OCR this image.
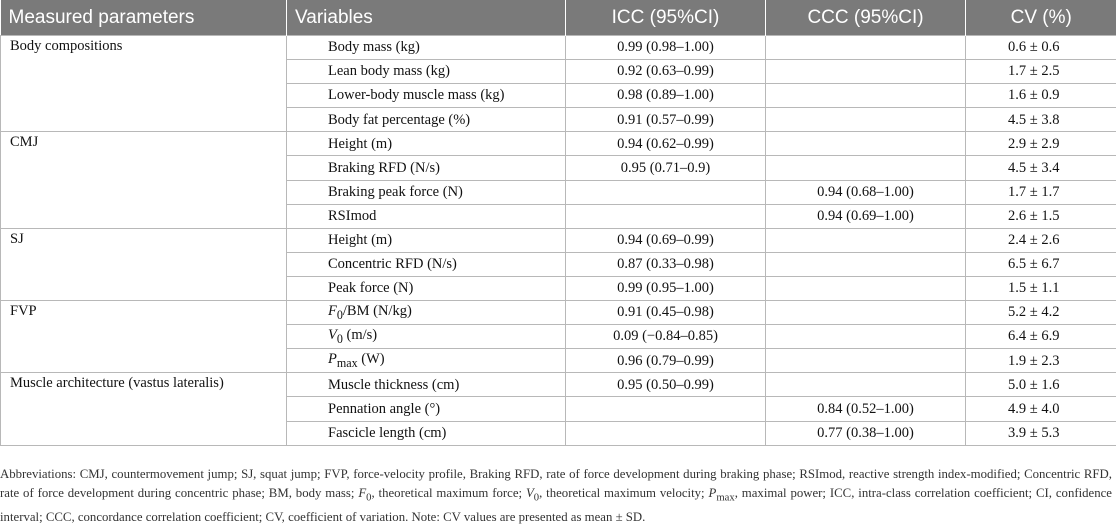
Measured parameters	Variables	ICC (95%CI)	CCC (95%CI)	CV (%)
Body compositions	Body mass (kg)	0.99 (0.98–1.00)		0.6 ± 0.6
	Lean body mass (kg)	0.92 (0.63–0.99)		1.7 ± 2.5
	Lower-body muscle mass (kg)	0.98 (0.89–1.00)		1.6 ± 0.9
	Body fat percentage (%)	0.91 (0.57–0.99)		4.5 ± 3.8
CMJ	Height (m)	0.94 (0.62–0.99)		2.9 ± 2.9
	Braking RFD (N/s)	0.95 (0.71–0.9)		4.5 ± 3.4
	Braking peak force (N)		0.94 (0.68–1.00)	1.7 ± 1.7
	RSImod		0.94 (0.69–1.00)	2.6 ± 1.5
SJ	Height (m)	0.94 (0.69–0.99)		2.4 ± 2.6
	Concentric RFD (N/s)	0.87 (0.33–0.98)		6.5 ± 6.7
	Peak force (N)	0.99 (0.95–1.00)		1.5 ± 1.1
FVP	$F_0/BM$ (N/kg)	0.91 (0.45–0.98)		5.2 ± 4.2
	$V_0$ (m/s)	0.09 (−0.84–0.85)		6.4 ± 6.9
	$P_{max}$ (W)	0.96 (0.79–0.99)		1.9 ± 2.3
Muscle architecture (vastus lateralis)	Muscle thickness (cm)	0.95 (0.50–0.99)		5.0 ± 1.6
	Pennation angle (°)		0.84 (0.52–1.00)	4.9 ± 4.0
	Fascicle length (cm)		0.77 (0.38–1.00)	3.9 ± 5.3
Abbreviations: CMJ, countermovement jump; SJ, squat jump; FVP, force-velocity profile, Braking RFD, rate of force development during braking phase; RSImod, reactive strength index-modified; Concentric RFD, rate of force development during concentric phase; BM, body mass; $F_0$, theoretical maximum force; $V_0$, theoretical maximum velocity; $P_{max}$, maximal power; ICC, intra-class correlation coefficient; CI, confidence interval; CCC, concordance correlation coefficient; CV, coefficient of variation. Note: CV values are presented as mean ± SD.
